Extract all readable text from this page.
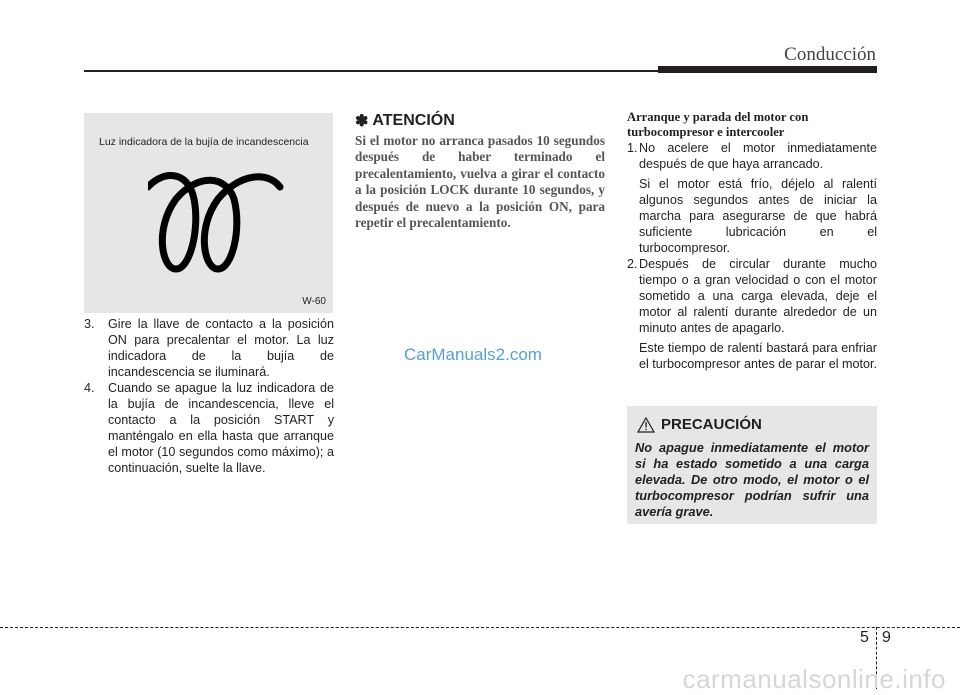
Conducción
Luz indicadora de la bujía de incandescencia
W-60
3. Gire la llave de contacto a la posición ON para precalentar el motor. La luz indicadora de la bujía de incandescencia se iluminará.
4. Cuando se apague la luz indicadora de la bujía de incandescencia, lleve el contacto a la posición START y manténgalo en ella hasta que arranque el motor (10 segundos como máximo); a continuación, suelte la llave.
✽ ATENCIÓN
Si el motor no arranca pasados 10 segundos después de haber terminado el precalentamiento, vuelva a girar el contacto a la posición LOCK durante 10 segundos, y después de nuevo a la posición ON, para repetir el precalentamiento.
Arranque y parada del motor con turbocompresor e intercooler
1. No acelere el motor inmediatamente después de que haya arrancado.
Si el motor está frío, déjelo al ralentí algunos segundos antes de iniciar la marcha para asegurarse de que habrá suficiente lubricación en el turbocompresor.
2. Después de circular durante mucho tiempo o a gran velocidad o con el motor sometido a una carga elevada, deje el motor al ralentí durante alrededor de un minuto antes de apagarlo.
Este tiempo de ralentí bastará para enfriar el turbocompresor antes de parar el motor.
PRECAUCIÓN
No apague inmediatamente el motor si ha estado sometido a una carga elevada. De otro modo, el motor o el turbocompresor podrían sufrir una avería grave.
CarManuals2.com
5 9
carmanualsonline.info
